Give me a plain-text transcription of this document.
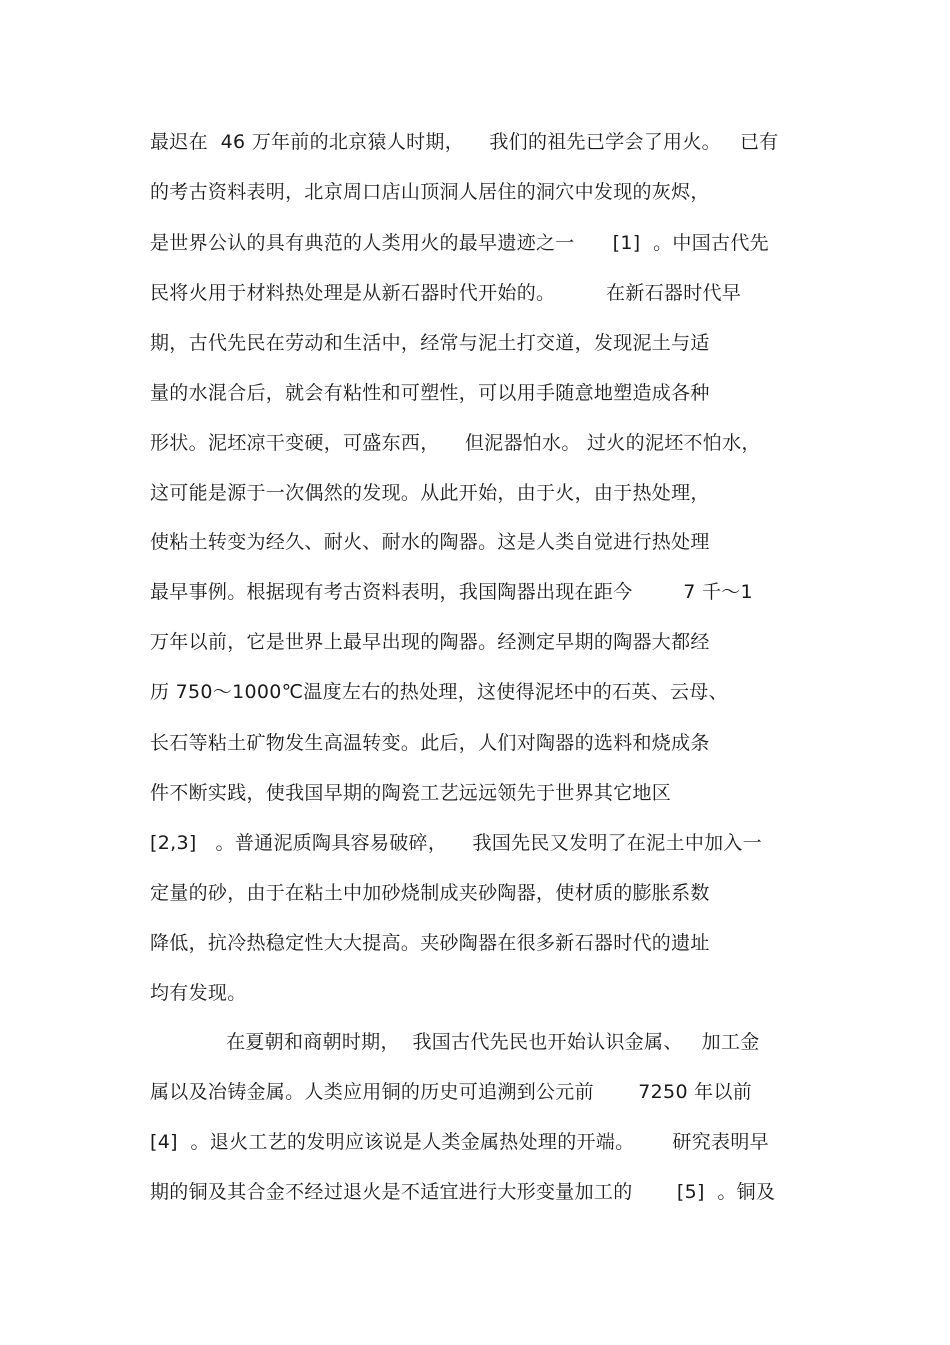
最迟在  46 万年前的北京猿人时期，    我们的祖先已学会了用火。   已有
的考古资料表明，北京周口店山顶洞人居住的洞穴中发现的灰烬，
是世界公认的具有典范的人类用火的最早遗迹之一      [1]  。中国古代先
民将火用于材料热处理是从新石器时代开始的。        在新石器时代早
期，古代先民在劳动和生活中，经常与泥土打交道，发现泥土与适
量的水混合后，就会有粘性和可塑性，可以用手随意地塑造成各种
形状。泥坯凉干变硬，可盛东西，    但泥器怕水。 过火的泥坯不怕水，
这可能是源于一次偶然的发现。从此开始，由于火，由于热处理，
使粘土转变为经久、耐火、耐水的陶器。这是人类自觉进行热处理
最早事例。根据现有考古资料表明，我国陶器出现在距今        7 千～1
万年以前，它是世界上最早出现的陶器。经测定早期的陶器大都经
历 750～1000℃温度左右的热处理，这使得泥坯中的石英、云母、
长石等粘土矿物发生高温转变。此后，人们对陶器的选料和烧成条
件不断实践，使我国早期的陶瓷工艺远远领先于世界其它地区
[2,3]   。普通泥质陶具容易破碎，    我国先民又发明了在泥土中加入一
定量的砂，由于在粘土中加砂烧制成夹砂陶器，使材质的膨胀系数
降低，抗冷热稳定性大大提高。夹砂陶器在很多新石器时代的遗址
均有发现。
在夏朝和商朝时期，  我国古代先民也开始认识金属、   加工金
属以及冶铸金属。人类应用铜的历史可追溯到公元前       7250 年以前
[4]  。退火工艺的发明应该说是人类金属热处理的开端。      研究表明早
期的铜及其合金不经过退火是不适宜进行大形变量加工的       [5]  。铜及
